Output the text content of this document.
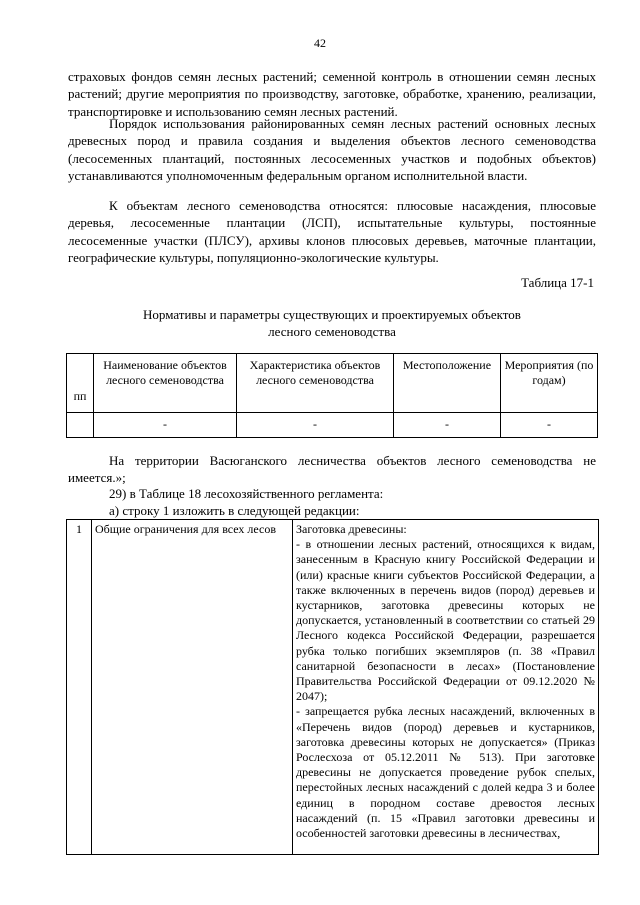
42
страховых фондов семян лесных растений; семенной контроль в отношении семян лесных растений; другие мероприятия по производству, заготовке, обработке, хранению, реализации, транспортировке и использованию семян лесных растений.
Порядок использования районированных семян лесных растений основных лесных древесных пород и правила создания и выделения объектов лесного семеноводства (лесосеменных плантаций, постоянных лесосеменных участков и подобных объектов) устанавливаются уполномоченным федеральным органом исполнительной власти.
К объектам лесного семеноводства относятся: плюсовые насаждения, плюсовые деревья, лесосеменные плантации (ЛСП), испытательные культуры, постоянные лесосеменные участки (ПЛСУ), архивы клонов плюсовых деревьев, маточные плантации, географические культуры, популяционно-экологические культуры.
Таблица 17-1
Нормативы и параметры существующих и проектируемых объектов
лесного семеноводства
пп	Наименование объектов лесного семеноводства	Характеристика объектов лесного семеноводства	Местоположение	Мероприятия (по годам)
	-	-	-	-
На территории Васюганского лесничества объектов лесного семеноводства не имеется.»;
29) в Таблице 18 лесохозяйственного регламента:
а) строку 1 изложить в следующей редакции:
1	Общие ограничения для всех лесов	Заготовка древесины:
- в отношении лесных растений, относящихся к видам, занесенным в Красную книгу Российской Федерации и (или) красные книги субъектов Российской Федерации, а также включенных в перечень видов (пород) деревьев и кустарников, заготовка древесины которых не допускается, установленный в соответствии со статьей 29 Лесного кодекса Российской Федерации, разрешается рубка только погибших экземпляров (п. 38 «Правил санитарной безопасности в лесах» (Постановление Правительства Российской Федерации от 09.12.2020 № 2047);
- запрещается рубка лесных насаждений, включенных в «Перечень видов (пород) деревьев и кустарников, заготовка древесины которых не допускается» (Приказ Рослесхоза от 05.12.2011 № 513). При заготовке древесины не допускается проведение рубок спелых, перестойных лесных насаждений с долей кедра 3 и более единиц в породном составе древостоя лесных насаждений (п. 15 «Правил заготовки древесины и особенностей заготовки древесины в лесничествах,
